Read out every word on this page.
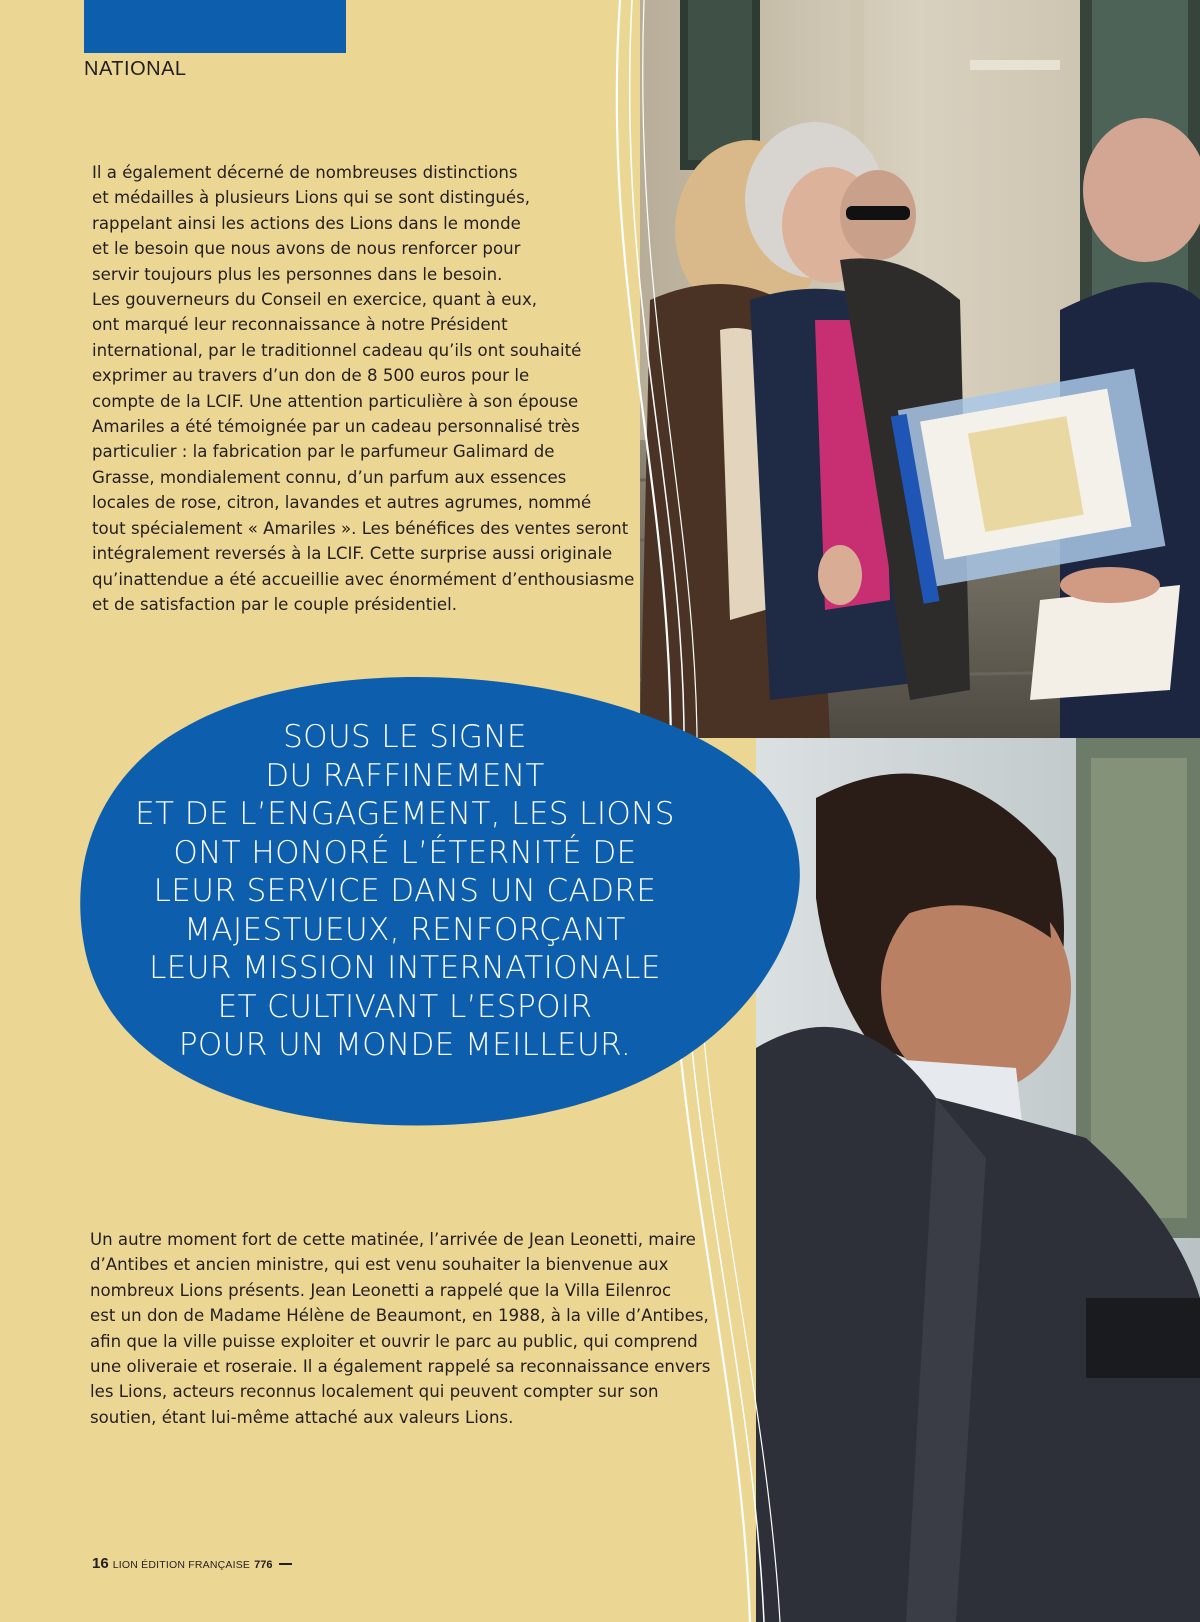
NATIONAL
SOUS LE SIGNE
DU RAFFINEMENT
ET DE L’ENGAGEMENT, LES LIONS
ONT HONORÉ L’ÉTERNITÉ DE
LEUR SERVICE DANS UN CADRE
MAJESTUEUX, RENFORÇANT
LEUR MISSION INTERNATIONALE
ET CULTIVANT L’ESPOIR
POUR UN MONDE MEILLEUR.
Il a également décerné de nombreuses distinctions
et médailles à plusieurs Lions qui se sont distingués,
rappelant ainsi les actions des Lions dans le monde
et le besoin que nous avons de nous renforcer pour
servir toujours plus les personnes dans le besoin.
Les gouverneurs du Conseil en exercice, quant à eux,
ont marqué leur reconnaissance à notre Président
international, par le traditionnel cadeau qu’ils ont souhaité
exprimer au travers d’un don de 8 500 euros pour le
compte de la LCIF. Une attention particulière à son épouse
Amariles a été témoignée par un cadeau personnalisé très
particulier : la fabrication par le parfumeur Galimard de
Grasse, mondialement connu, d’un parfum aux essences
locales de rose, citron, lavandes et autres agrumes, nommé
tout spécialement « Amariles ». Les bénéfices des ventes seront
intégralement reversés à la LCIF. Cette surprise aussi originale
qu’inattendue a été accueillie avec énormément d’enthousiasme
et de satisfaction par le couple présidentiel.
Un autre moment fort de cette matinée, l’arrivée de Jean Leonetti, maire
d’Antibes et ancien ministre, qui est venu souhaiter la bienvenue aux
nombreux Lions présents. Jean Leonetti a rappelé que la Villa Eilenroc
est un don de Madame Hélène de Beaumont, en 1988, à la ville d’Antibes,
afin que la ville puisse exploiter et ouvrir le parc au public, qui comprend
une oliveraie et roseraie. Il a également rappelé sa reconnaissance envers
les Lions, acteurs reconnus localement qui peuvent compter sur son
soutien, étant lui-même attaché aux valeurs Lions.
16 LION ÉDITION FRANÇAISE 776
